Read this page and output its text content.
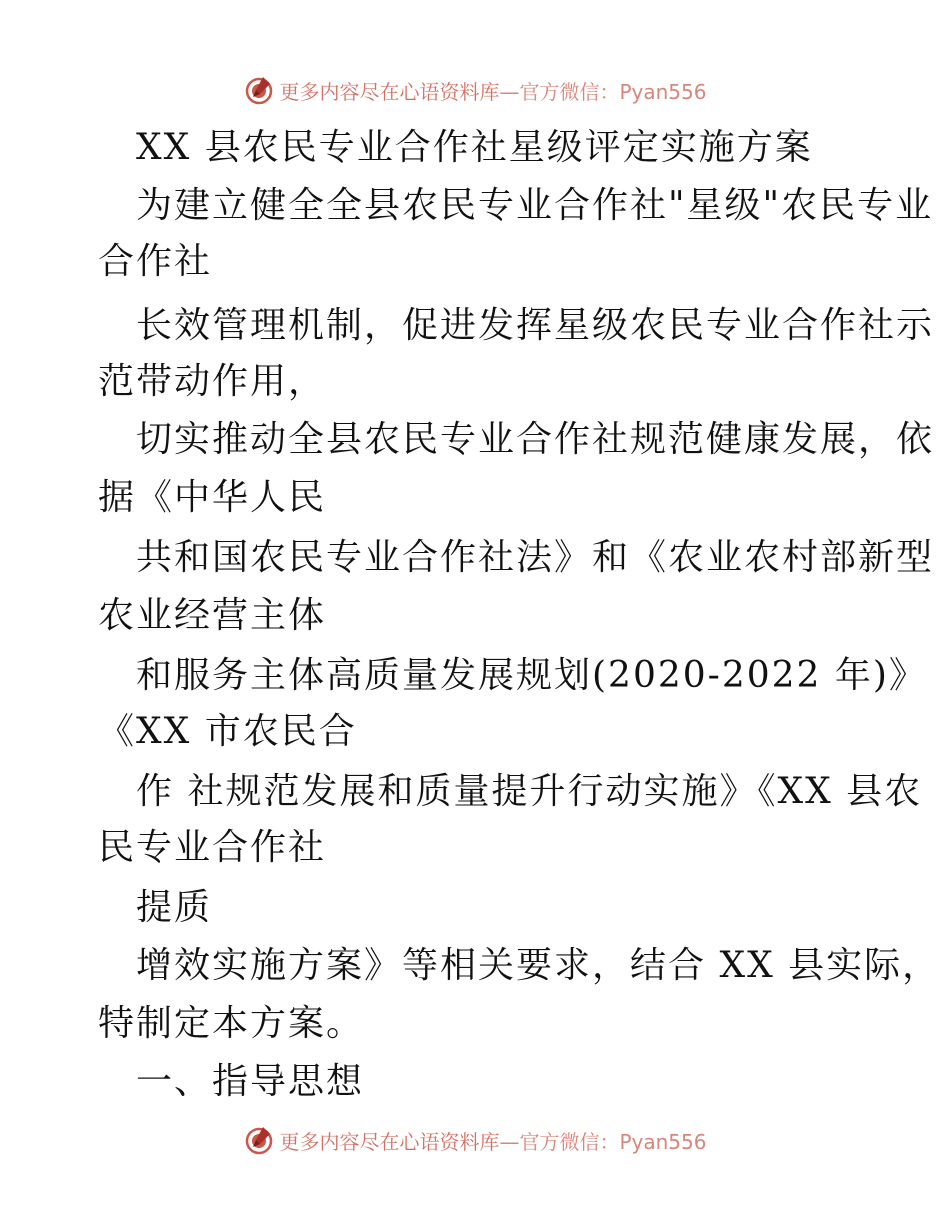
更多内容尽在心语资料库—官方微信：Pyan556
XX 县农民专业合作社星级评定实施方案
为建立健全全县农民专业合作社"星级"农民专业
合作社
长效管理机制，促进发挥星级农民专业合作社示
范带动作用，
切实推动全县农民专业合作社规范健康发展，依
据《中华人民
共和国农民专业合作社法》和《农业农村部新型
农业经营主体
和服务主体高质量发展规划(2020-2022 年)》
《XX 市农民合
作 社规范发展和质量提升行动实施》《XX 县农
民专业合作社
提质
增效实施方案》等相关要求，结合 XX 县实际，
特制定本方案。
一、指导思想
更多内容尽在心语资料库—官方微信：Pyan556
